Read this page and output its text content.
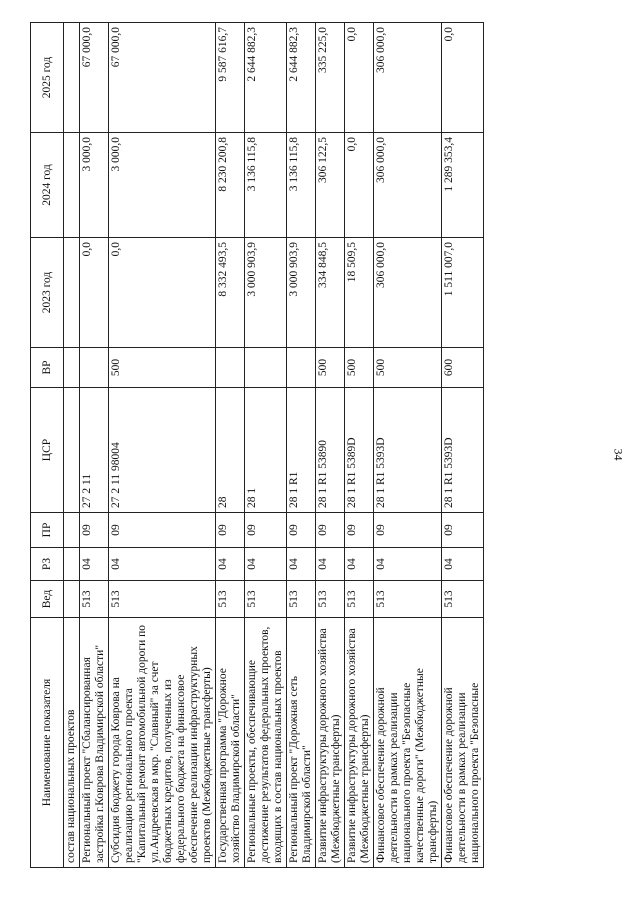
34
Наименование показателя	Вед	РЗ	ПР	ЦСР	ВР	2023 год	2024 год	2025 год
состав национальных проектов								
Региональный проект "Сбалансированная застройка г.Коврова Владимирской области"	513	04	09	27 2 11		0,0	3 000,0	67 000,0
Субсидия бюджету города Коврова на реализацию регионального проекта "Капитальный ремонт автомобильной дороги по ул.Андреевская в мкр. "Славный" за счет бюджетных кредитов, полученных из федерального бюджета на финансовое обеспечение реализации инфраструктурных проектов (Межбюджетные трансферты)	513	04	09	27 2 11 98004	500	0,0	3 000,0	67 000,0
Государственная программа "Дорожное хозяйство Владимирской области"	513	04	09	28		8 332 493,5	8 230 200,8	9 587 616,7
Региональные проекты, обеспечивающие достижение результатов федеральных проектов, входящих в состав национальных проектов	513	04	09	28 1		3 000 903,9	3 136 115,8	2 644 882,3
Региональный проект "Дорожная сеть Владимирской области"	513	04	09	28 1 R1		3 000 903,9	3 136 115,8	2 644 882,3
Развитие инфраструктуры дорожного хозяйства (Межбюджетные трансферты)	513	04	09	28 1 R1 53890	500	334 848,5	306 122,5	335 225,0
Развитие инфраструктуры дорожного хозяйства (Межбюджетные трансферты)	513	04	09	28 1 R1 5389D	500	18 509,5	0,0	0,0
Финансовое обеспечение дорожной деятельности в рамках реализации национального проекта "Безопасные качественные дороги" (Межбюджетные трансферты)	513	04	09	28 1 R1 5393D	500	306 000,0	306 000,0	306 000,0
Финансовое обеспечение дорожной деятельности в рамках реализации национального проекта "Безопасные	513	04	09	28 1 R1 5393D	600	1 511 007,0	1 289 353,4	0,0
